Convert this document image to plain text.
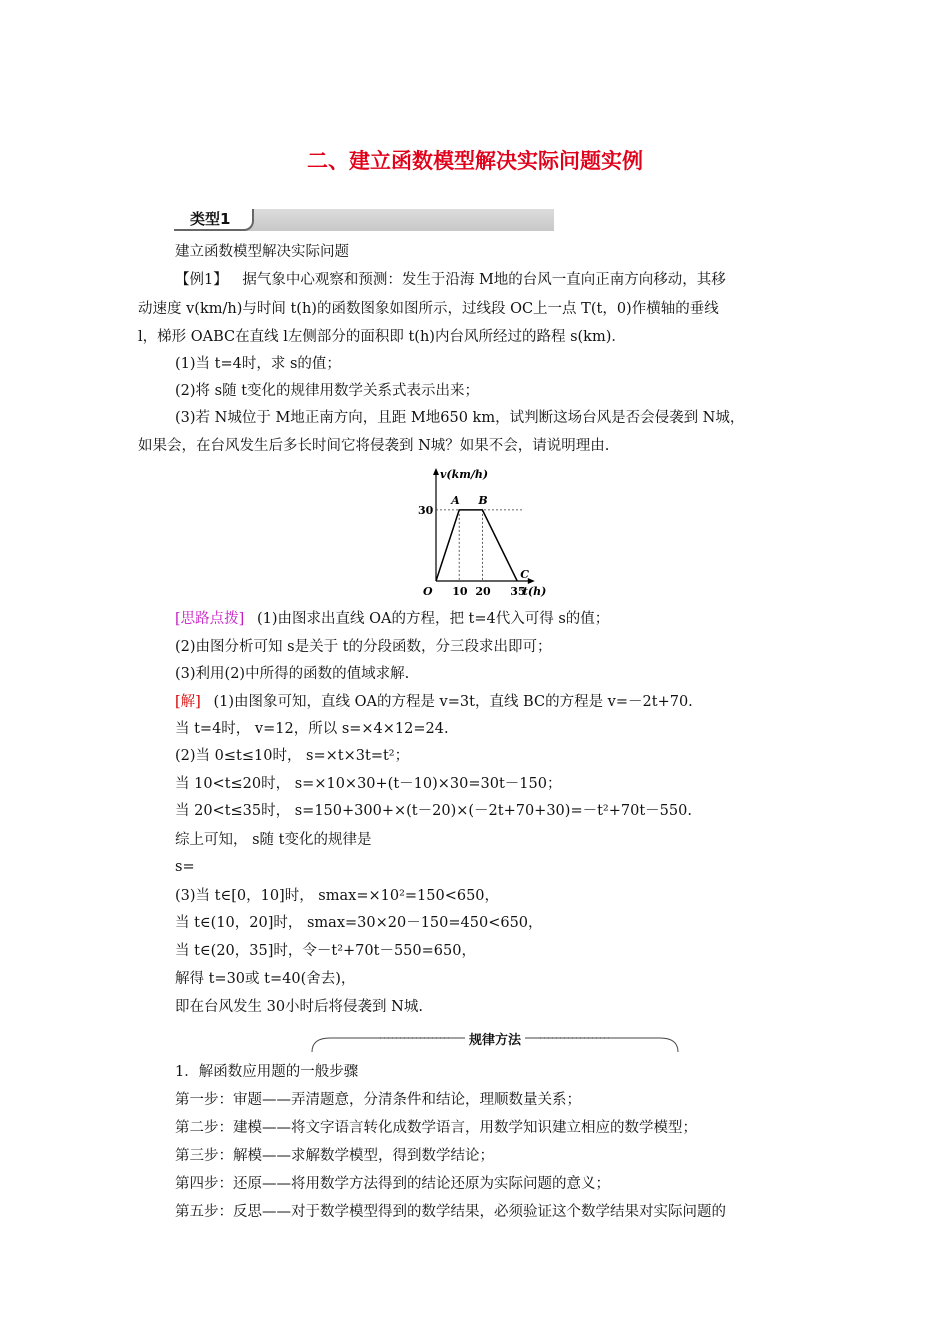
二、建立函数模型解决实际问题实例
类型1
建立函数模型解决实际问题
【例1】 据气象中心观察和预测：发生于沿海 M地的台风一直向正南方向移动，其移
动速度 v(km/h)与时间 t(h)的函数图象如图所示，过线段 OC上一点 T(t，0)作横轴的垂线
l，梯形 OABC在直线 l左侧部分的面积即 t(h)内台风所经过的路程 s(km)．
(1)当 t=4时，求 s的值；
(2)将 s随 t变化的规律用数学关系式表示出来；
(3)若 N城位于 M地正南方向，且距 M地650 km，试判断这场台风是否会侵袭到 N城，
如果会，在台风发生后多长时间它将侵袭到 N城？如果不会，请说明理由.
O
A B
C
10 20 35
30
t(h)
v(km/h)
[思路点拨] (1)由图求出直线 OA的方程，把 t=4代入可得 s的值；
(2)由图分析可知 s是关于 t的分段函数，分三段求出即可；
(3)利用(2)中所得的函数的值域求解.
[解] (1)由图象可知，直线 OA的方程是 v=3t，直线 BC的方程是 v=－2t+70.
当 t=4时， v=12，所以 s=×4×12=24.
(2)当 0≤t≤10时， s=×t×3t=t²；
当 10<t≤20时， s=×10×30+(t－10)×30=30t－150；
当 20<t≤35时， s=150+300+×(t－20)×(－2t+70+30)=－t²+70t－550.
综上可知， s随 t变化的规律是
s=
(3)当 t∈[0，10]时， smax=×10²=150<650，
当 t∈(10，20]时， smax=30×20－150=450<650，
当 t∈(20，35]时，令－t²+70t－550=650，
解得 t=30或 t=40(舍去)，
即在台风发生 30小时后将侵袭到 N城.
规律方法
1．解函数应用题的一般步骤
第一步：审题——弄清题意，分清条件和结论，理顺数量关系；
第二步：建模——将文字语言转化成数学语言，用数学知识建立相应的数学模型；
第三步：解模——求解数学模型，得到数学结论；
第四步：还原——将用数学方法得到的结论还原为实际问题的意义；
第五步：反思——对于数学模型得到的数学结果，必须验证这个数学结果对实际问题的
